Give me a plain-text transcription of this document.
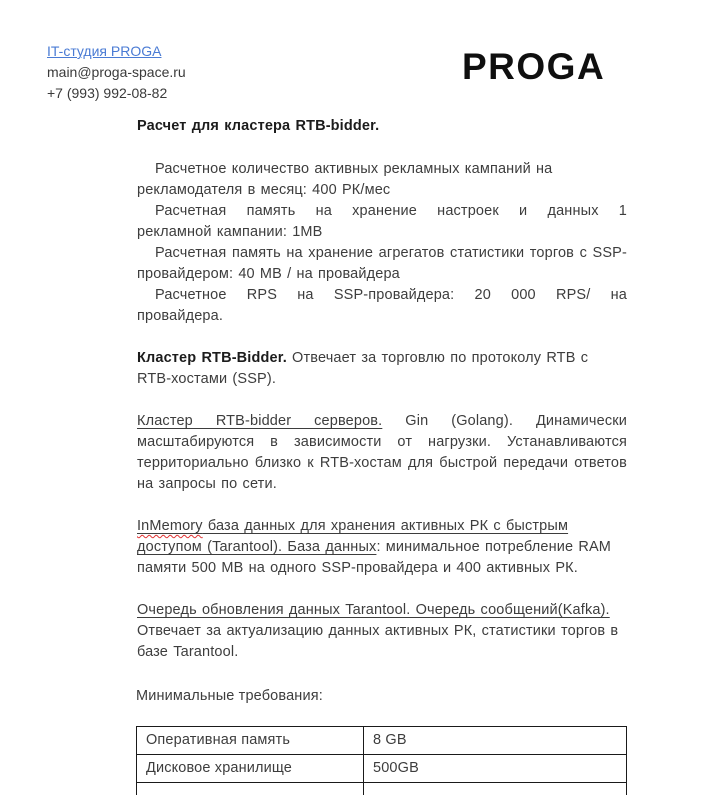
IT-студия PROGA
main@proga-space.ru
+7 (993) 992-08-82
PROGA
Расчет для кластера RTB-bidder.

Расчетное количество активных рекламных кампаний на рекламодателя в месяц: 400 РК/мес

Расчетная память на хранение настроек и данных 1
рекламной кампании: 1MB

Расчетная память на хранение агрегатов статистики торгов с SSP-провайдером: 40 MB / на провайдера

Расчетное RPS на SSP-провайдера: 20 000 RPS/ на
провайдера.

Кластер RTB-Bidder. Отвечает за торговлю по протоколу RTB с RTB-хостами (SSP).

Кластер RTB-bidder серверов. Gin (Golang). Динамически масштабируются в зависимости от нагрузки. Устанавливаются территориально близко к RTB-хостам для быстрой передачи ответов на запросы по сети.

InMemory база данных для хранения активных РК с быстрым доступом (Tarantool). База данных: минимальное потребление RAM памяти 500 MB на одного SSP-провайдера и 400 активных РК.

Очередь обновления данных Tarantool. Очередь сообщений(Kafka). Отвечает за актуализацию данных активных РК, статистики торгов в базе Tarantool.

Минимальные требования:
Оперативная память	8 GB
Дисковое хранилище	500GB
